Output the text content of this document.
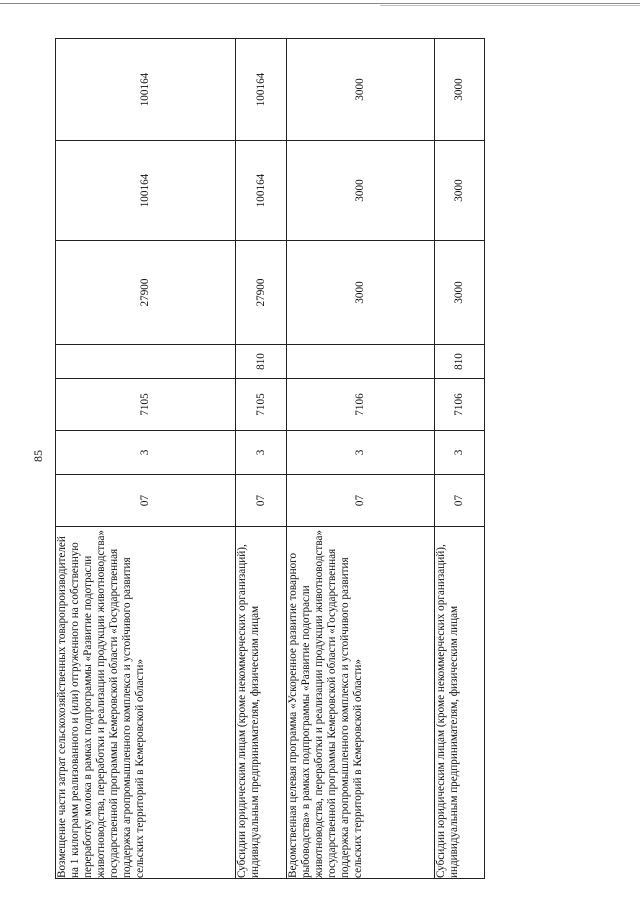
85
Возмещение части затрат сельскохозяйственных товаропроизводителей на 1 килограмм реализованного и (или) отгруженного на собственную переработку молока в рамках подпрограммы «Развитие подотрасли животноводства, переработки и реализации продукции животноводства» государственной программы Кемеровской области «Государственная поддержка агропромышленного комплекса и устойчивого развития сельских территорий в Кемеровской области»	07	3	7105		27900	100164	100164
Субсидии юридическим лицам (кроме некоммерческих организаций), индивидуальным предпринимателям, физическим лицам	07	3	7105	810	27900	100164	100164
Ведомственная целевая программа «Ускоренное развитие товарного рыбоводства» в рамках подпрограммы «Развитие подотрасли животноводства, переработки и реализации продукции животноводства» государственной программы Кемеровской области «Государственная поддержка агропромышленного комплекса и устойчивого развития сельских территорий в Кемеровской области»	07	3	7106		3000	3000	3000
Субсидии юридическим лицам (кроме некоммерческих организаций), индивидуальным предпринимателям, физическим лицам	07	3	7106	810	3000	3000	3000
